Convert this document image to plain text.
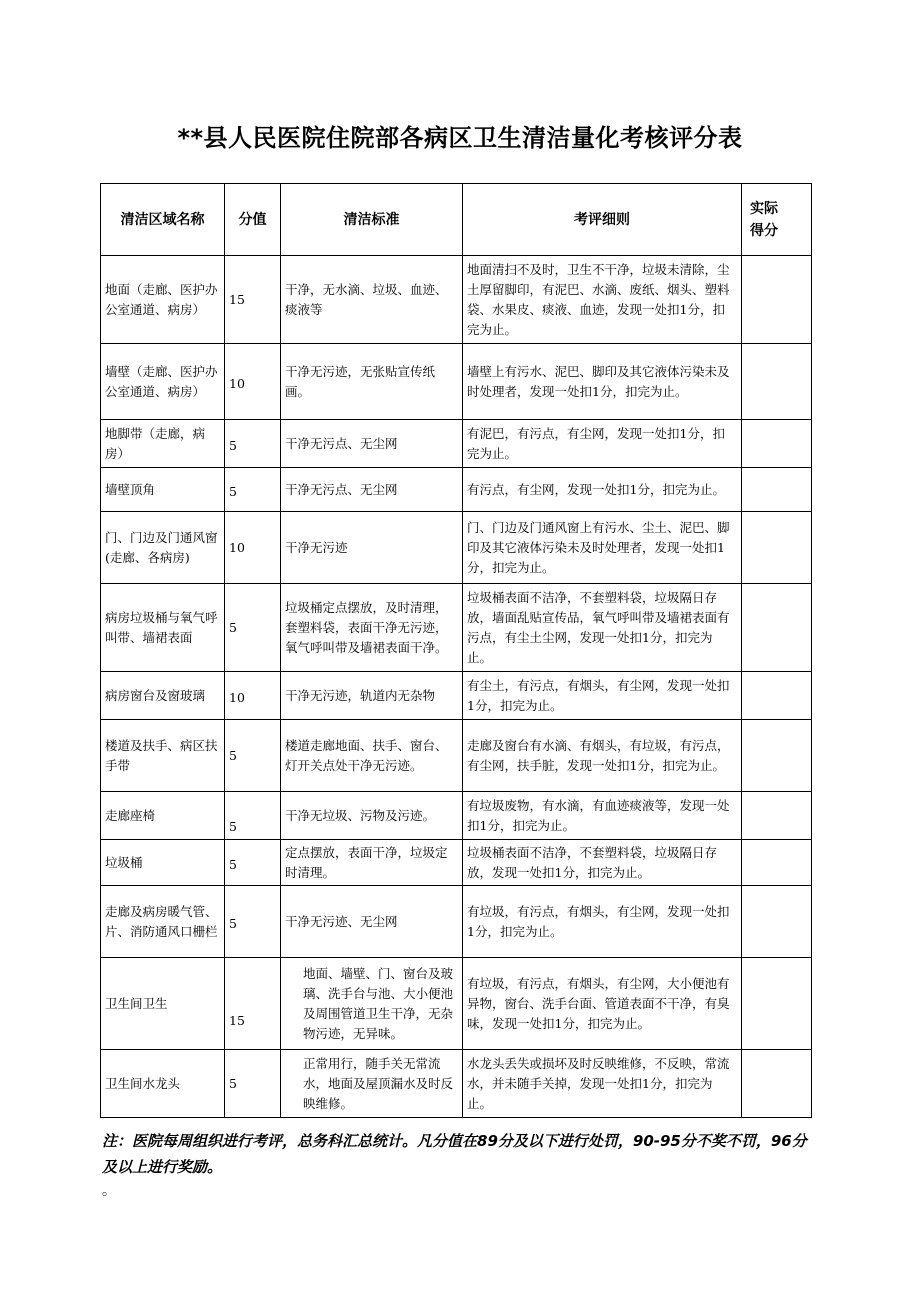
**县人民医院住院部各病区卫生清洁量化考核评分表
清洁区域名称	分值	清洁标准	考评细则	实际
得分
地面（走廊、医护办公室通道、病房）	15	干净，无水滴、垃圾、血迹、痰液等	地面清扫不及时，卫生不干净，垃圾未清除，尘土厚留脚印，有泥巴、水滴、废纸、烟头、塑料袋、水果皮、痰液、血迹，发现一处扣1分，扣完为止。	
墙壁（走廊、医护办公室通道、病房）	10	干净无污迹，无张贴宣传纸画。	墙壁上有污水、泥巴、脚印及其它液体污染未及时处理者，发现一处扣1分，扣完为止。	
地脚带（走廊，病房）	5	干净无污点、无尘网	有泥巴，有污点，有尘网，发现一处扣1分，扣完为止。	
墙壁顶角	5	干净无污点、无尘网	有污点，有尘网，发现一处扣1分，扣完为止。	
门、门边及门通风窗(走廊、各病房)	10	干净无污迹	门、门边及门通风窗上有污水、尘土、泥巴、脚印及其它液体污染未及时处理者，发现一处扣1分，扣完为止。	
病房垃圾桶与氧气呼叫带、墙裙表面	5	垃圾桶定点摆放，及时清理，套塑料袋，表面干净无污迹，氧气呼叫带及墙裙表面干净。	垃圾桶表面不洁净，不套塑料袋，垃圾隔日存放，墙面乱贴宣传品，氧气呼叫带及墙裙表面有污点，有尘土尘网，发现一处扣1分，扣完为止。	
病房窗台及窗玻璃	10	干净无污迹，轨道内无杂物	有尘土，有污点，有烟头，有尘网，发现一处扣1分，扣完为止。	
楼道及扶手、病区扶手带	5	楼道走廊地面、扶手、窗台、灯开关点处干净无污迹。	走廊及窗台有水滴、有烟头，有垃圾，有污点，有尘网，扶手脏，发现一处扣1分，扣完为止。	
走廊座椅	5	干净无垃圾、污物及污迹。	有垃圾废物，有水滴，有血迹痰液等，发现一处扣1分，扣完为止。	
垃圾桶	5	定点摆放，表面干净，垃圾定时清理。	垃圾桶表面不洁净，不套塑料袋，垃圾隔日存放，发现一处扣1分，扣完为止。	
走廊及病房暖气管、片、消防通风口栅栏	5	干净无污迹、无尘网	有垃圾，有污点，有烟头，有尘网，发现一处扣1分，扣完为止。	
卫生间卫生	15	地面、墙壁、门、窗台及玻璃、洗手台与池、大小便池及周围管道卫生干净，无杂物污迹，无异味。	有垃圾，有污点，有烟头，有尘网，大小便池有异物，窗台、洗手台面、管道表面不干净，有臭味，发现一处扣1分，扣完为止。	
卫生间水龙头	5	正常用行，随手关无常流水，地面及屋顶漏水及时反映维修。	水龙头丢失或损坏及时反映维修，不反映，常流水，并未随手关掉，发现一处扣1分，扣完为止。	
注：医院每周组织进行考评，总务科汇总统计。凡分值在89分及以下进行处罚，90-95分不奖不罚，96分及以上进行奖励。
。
